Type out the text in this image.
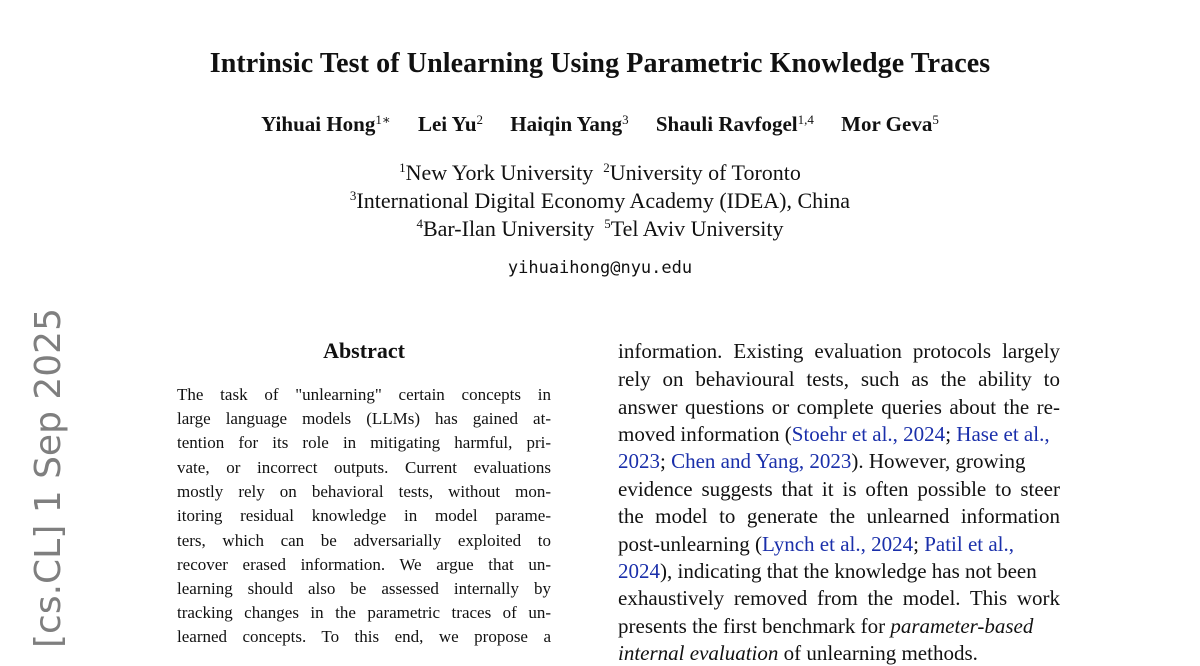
Intrinsic Test of Unlearning Using Parametric Knowledge Traces
Yihuai Hong$^{1∗}$ Lei Yu$^2$ Haiqin Yang$^3$ Shauli Ravfogel$^{1,4}$ Mor Geva$^5$
$^1$New York University $^2$University of Toronto
$^3$International Digital Economy Academy (IDEA), China
$^4$Bar-Ilan University $^5$Tel Aviv University
yihuaihong@nyu.edu
Abstract
The task of "unlearning" certain concepts in
large language models (LLMs) has gained at-
tention for its role in mitigating harmful, pri-
vate, or incorrect outputs. Current evaluations
mostly rely on behavioral tests, without mon-
itoring residual knowledge in model parame-
ters, which can be adversarially exploited to
recover erased information. We argue that un-
learning should also be assessed internally by
tracking changes in the parametric traces of un-
learned concepts. To this end, we propose a
information. Existing evaluation protocols largely
rely on behavioural tests, such as the ability to
answer questions or complete queries about the re-
moved information (Stoehr et al., 2024; Hase et al.,
2023; Chen and Yang, 2023). However, growing
evidence suggests that it is often possible to steer
the model to generate the unlearned information
post-unlearning (Lynch et al., 2024; Patil et al.,
2024), indicating that the knowledge has not been
exhaustively removed from the model. This work
presents the first benchmark for parameter-based
internal evaluation of unlearning methods.
[cs.CL] 1 Sep 2025
